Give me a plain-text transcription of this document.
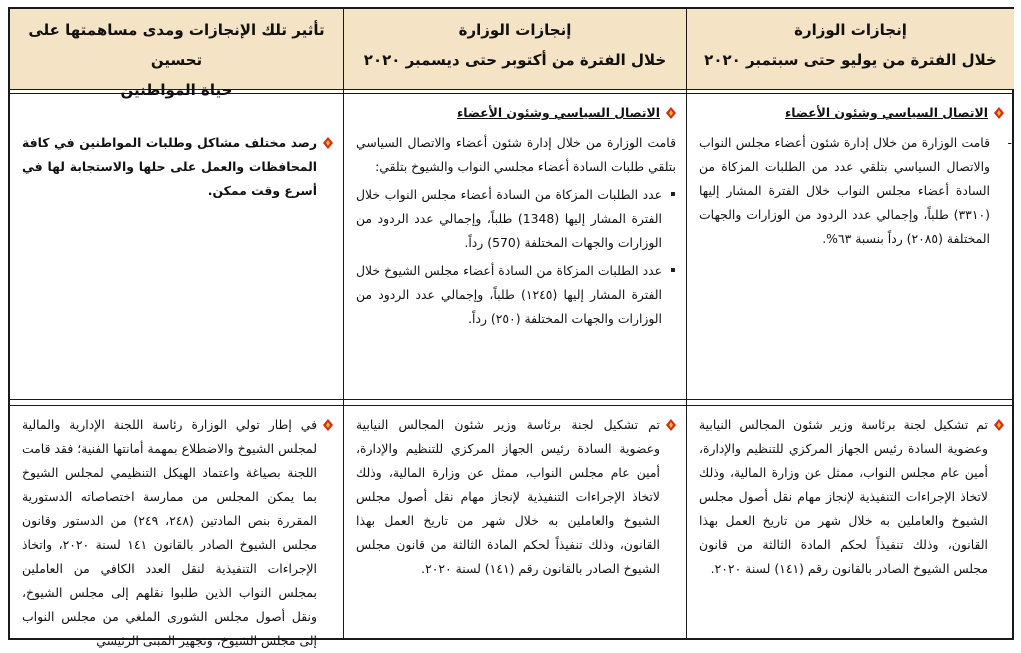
إنجازات الوزارة
خلال الفترة من يوليو حتى سبتمبر ٢٠٢٠
إنجازات الوزارة
خلال الفترة من أكتوبر حتى ديسمبر ٢٠٢٠
تأثير تلك الإنجازات ومدى مساهمتها على تحسين
حياة المواطنين
الاتصال السياسي وشئون الأعضاء
-

قامت الوزارة من خلال إدارة شئون أعضاء مجلس النواب والاتصال السياسي بتلقي عدد من الطلبات المزكاة من السادة أعضاء مجلس النواب خلال الفترة المشار إليها (٣٣١٠) طلباً، وإجمالي عدد الردود من الوزارات والجهات المختلفة (٢٠٨٥) رداً بنسبة ٦٣%.

الاتصال السياسي وشئون الأعضاء

قامت الوزارة من خلال إدارة شئون أعضاء والاتصال السياسي بتلقي طلبات السادة أعضاء مجلسي النواب والشيوخ بتلقي:

عدد الطلبات المزكاة من السادة أعضاء مجلس النواب خلال الفترة المشار إليها (1348) طلباً، وإجمالي عدد الردود من الوزارات والجهات المختلفة (570) رداً.
عدد الطلبات المزكاة من السادة أعضاء مجلس الشيوخ خلال الفترة المشار إليها (١٢٤٥) طلباً، وإجمالي عدد الردود من الوزارات والجهات المختلفة (٢٥٠) رداً.

رصد مختلف مشاكل وطلبات المواطنين في كافة المحافظات والعمل على حلها والاستجابة لها في أسرع وقت ممكن.

تم تشكيل لجنة برئاسة وزير شئون المجالس النيابية وعضوية السادة رئيس الجهاز المركزي للتنظيم والإدارة، أمين عام مجلس النواب، ممثل عن وزارة المالية، وذلك لاتخاذ الإجراءات التنفيذية لإنجاز مهام نقل أصول مجلس الشيوخ والعاملين به خلال شهر من تاريخ العمل بهذا القانون، وذلك تنفيذاً لحكم المادة الثالثة من قانون مجلس الشيوخ الصادر بالقانون رقم (١٤١) لسنة ٢٠٢٠.

تم تشكيل لجنة برئاسة وزير شئون المجالس النيابية وعضوية السادة رئيس الجهاز المركزي للتنظيم والإدارة، أمين عام مجلس النواب، ممثل عن وزارة المالية، وذلك لاتخاذ الإجراءات التنفيذية لإنجاز مهام نقل أصول مجلس الشيوخ والعاملين به خلال شهر من تاريخ العمل بهذا القانون، وذلك تنفيذاً لحكم المادة الثالثة من قانون مجلس الشيوخ الصادر بالقانون رقم (١٤١) لسنة ٢٠٢٠.

في إطار تولي الوزارة رئاسة اللجنة الإدارية والمالية لمجلس الشيوخ والاضطلاع بمهمة أمانتها الفنية؛ فقد قامت اللجنة بصياغة واعتماد الهيكل التنظيمي لمجلس الشيوخ بما يمكن المجلس من ممارسة اختصاصاته الدستورية المقررة بنص المادتين (٢٤٨، ٢٤٩) من الدستور وقانون مجلس الشيوخ الصادر بالقانون ١٤١ لسنة ٢٠٢٠، واتخاذ الإجراءات التنفيذية لنقل العدد الكافي من العاملين بمجلس النواب الذين طلبوا نقلهم إلى مجلس الشيوخ، ونقل أصول مجلس الشورى الملغي من مجلس النواب إلى مجلس الشيوخ، وتجهيز المبنى الرئيسي
